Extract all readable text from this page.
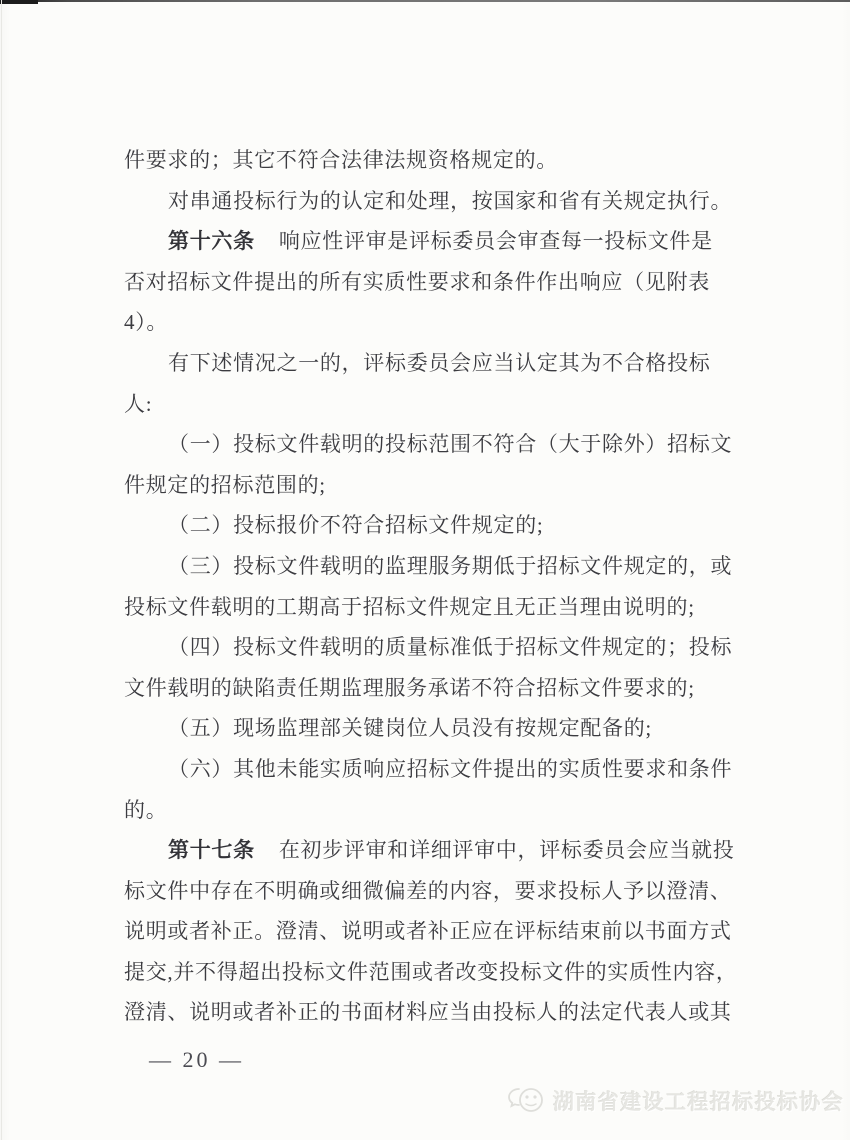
件要求的；其它不符合法律法规资格规定的。
对串通投标行为的认定和处理，按国家和省有关规定执行。
第十六条 响应性评审是评标委员会审查每一投标文件是
否对招标文件提出的所有实质性要求和条件作出响应（见附表
4）。
有下述情况之一的，评标委员会应当认定其为不合格投标
人:
（一）投标文件载明的投标范围不符合（大于除外）招标文
件规定的招标范围的;
（二）投标报价不符合招标文件规定的;
（三）投标文件载明的监理服务期低于招标文件规定的，或
投标文件载明的工期高于招标文件规定且无正当理由说明的;
（四）投标文件载明的质量标准低于招标文件规定的；投标
文件载明的缺陷责任期监理服务承诺不符合招标文件要求的;
（五）现场监理部关键岗位人员没有按规定配备的;
（六）其他未能实质响应招标文件提出的实质性要求和条件
的。
第十七条 在初步评审和详细评审中，评标委员会应当就投
标文件中存在不明确或细微偏差的内容，要求投标人予以澄清、
说明或者补正。澄清、说明或者补正应在评标结束前以书面方式
提交,并不得超出投标文件范围或者改变投标文件的实质性内容，
澄清、说明或者补正的书面材料应当由投标人的法定代表人或其
— 20 —
湖南省建设工程招标投标协会
